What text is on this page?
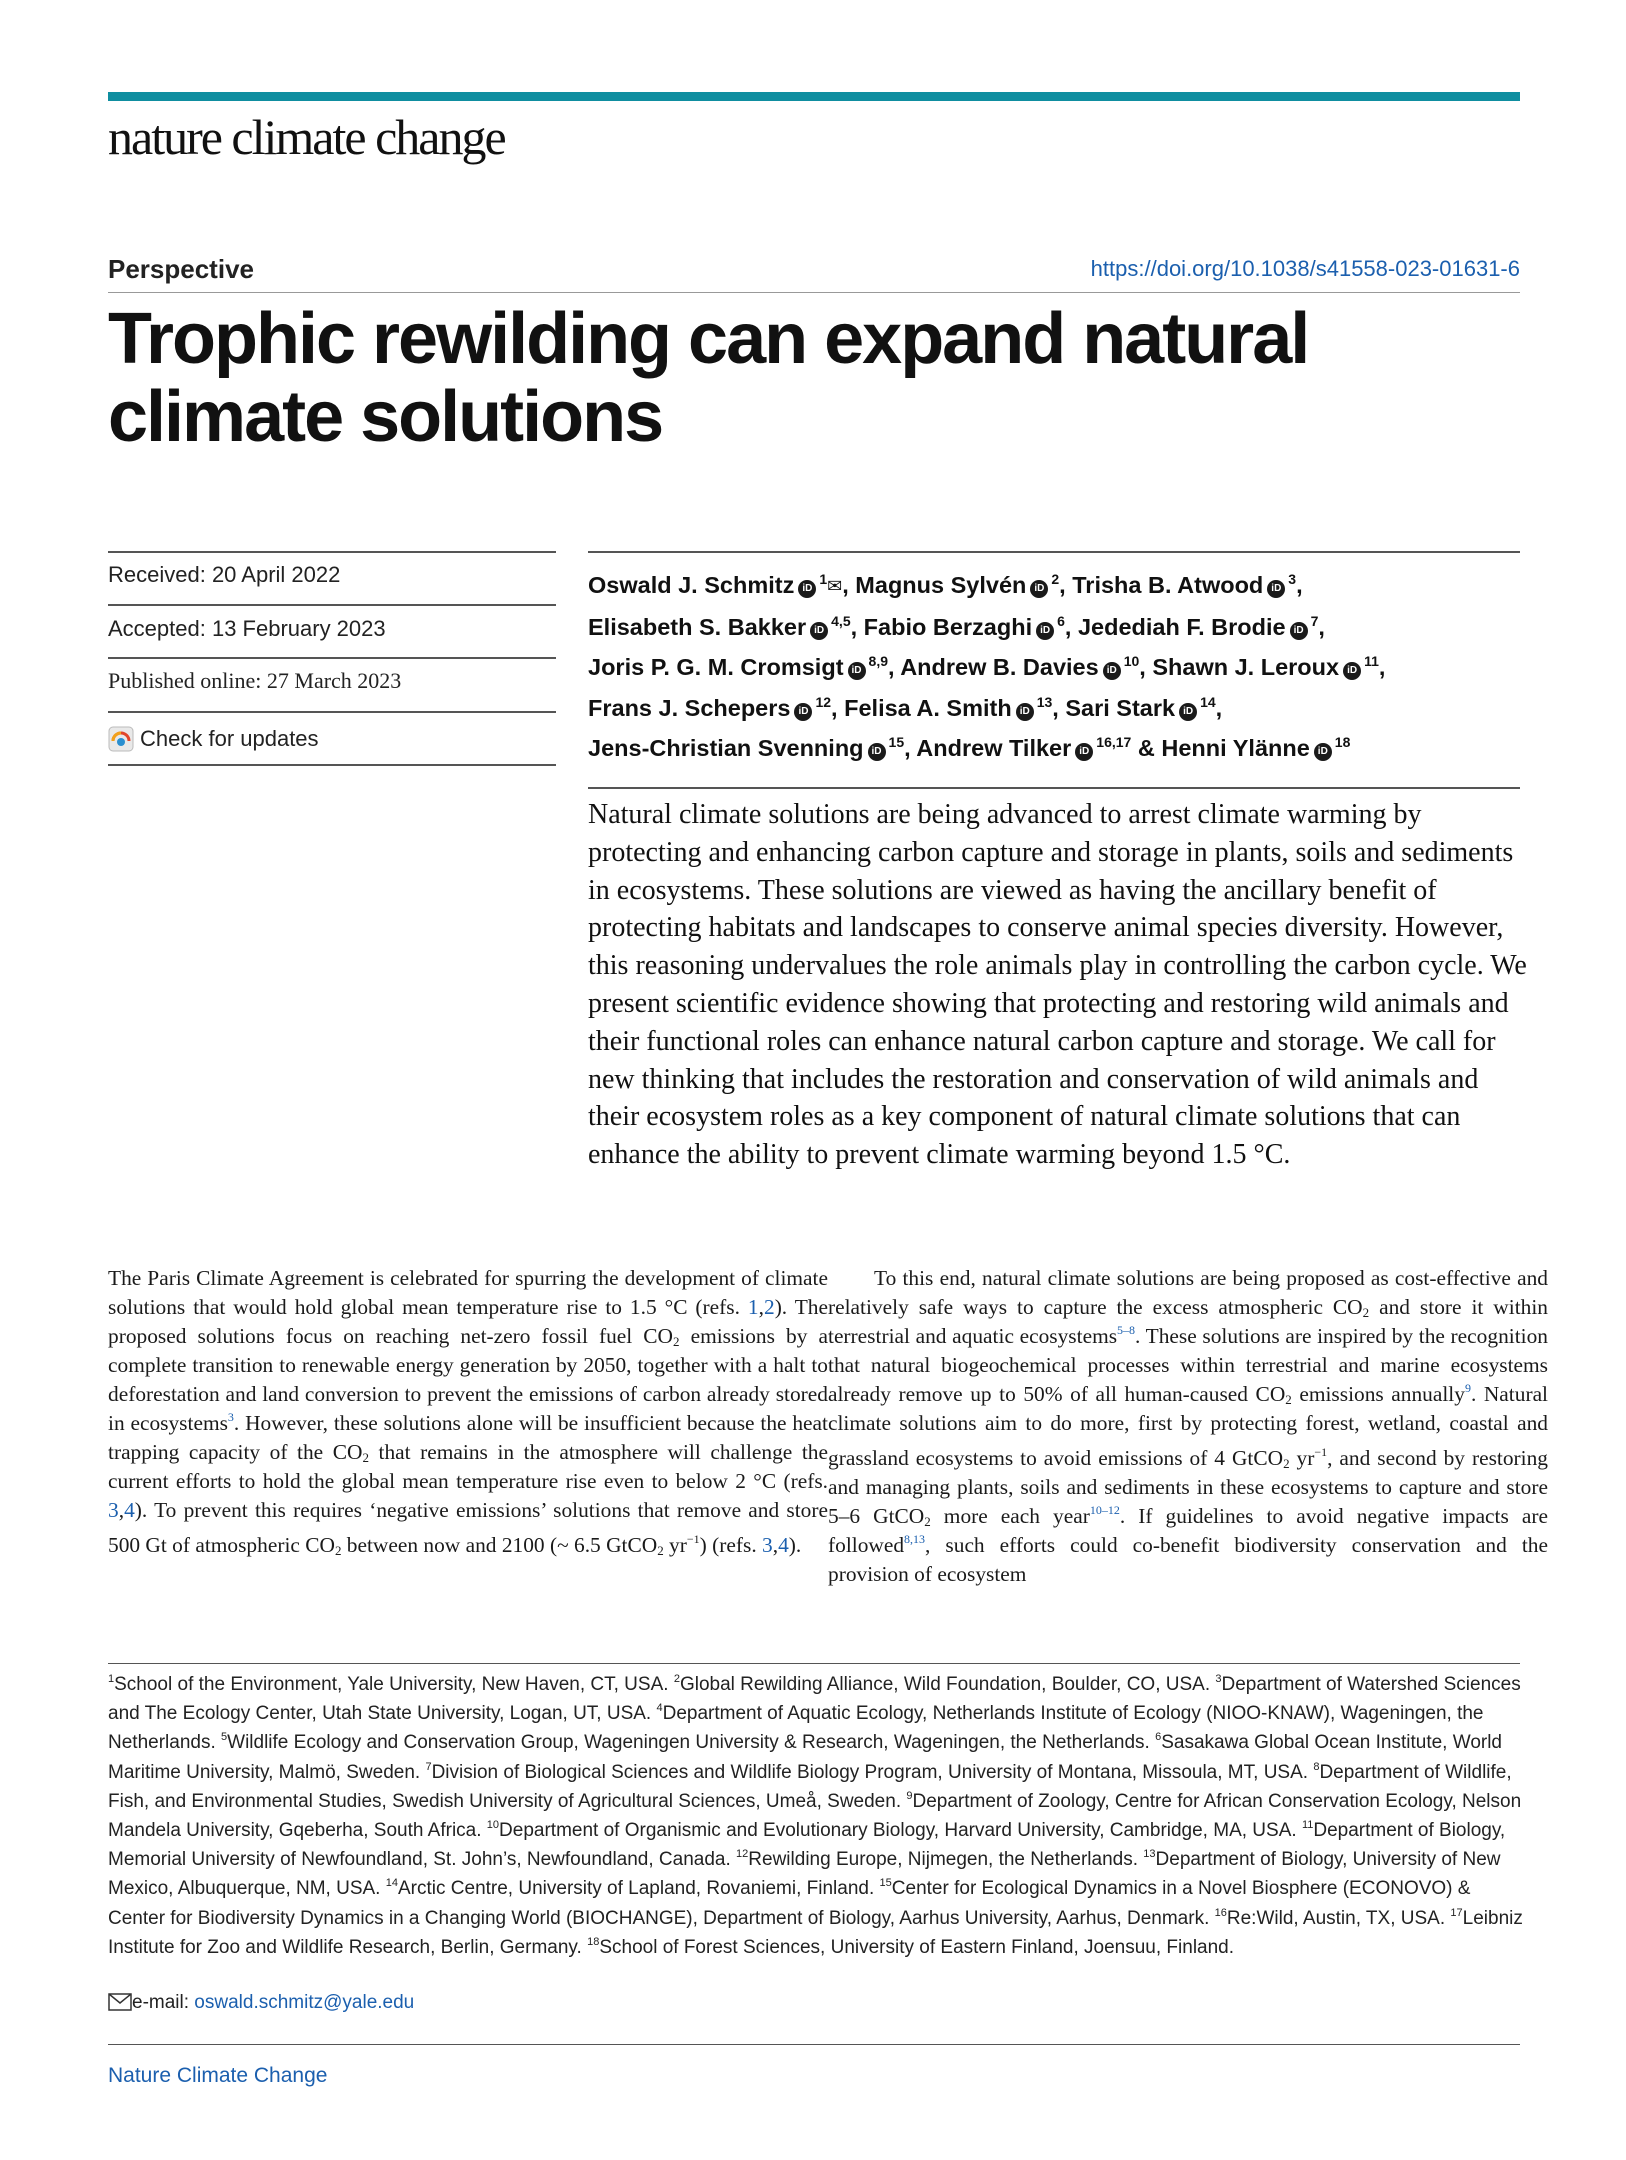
nature climate change
Perspective	https://doi.org/10.1038/s41558-023-01631-6
Trophic rewilding can expand natural climate solutions
Received: 20 April 2022
Accepted: 13 February 2023
Published online: 27 March 2023
Check for updates
Oswald J. Schmitz iD$^1$✉, Magnus Sylvén iD$^2$, Trisha B. Atwood iD$^3$, Elisabeth S. Bakker iD$^{4,5}$, Fabio Berzaghi iD$^6$, Jedediah F. Brodie iD$^7$, Joris P. G. M. Cromsigt iD$^{8,9}$, Andrew B. Davies iD$^{10}$, Shawn J. Leroux iD$^{11}$, Frans J. Schepers iD$^{12}$, Felisa A. Smith iD$^{13}$, Sari Stark iD$^{14}$, Jens-Christian Svenning iD$^{15}$, Andrew Tilker iD$^{16,17}$ & Henni Ylänne iD$^{18}$

Natural climate solutions are being advanced to arrest climate warming by protecting and enhancing carbon capture and storage in plants, soils and sediments in ecosystems. These solutions are viewed as having the ancillary benefit of protecting habitats and landscapes to conserve animal species diversity. However, this reasoning undervalues the role animals play in controlling the carbon cycle. We present scientific evidence showing that protecting and restoring wild animals and their functional roles can enhance natural carbon capture and storage. We call for new thinking that includes the restoration and conservation of wild animals and their ecosystem roles as a key component of natural climate solutions that can enhance the ability to prevent climate warming beyond 1.5 °C.

The Paris Climate Agreement is celebrated for spurring the development of climate solutions that would hold global mean temperature rise to 1.5 °C (refs. 1,2). The proposed solutions focus on reaching net-zero fossil fuel $CO_2$ emissions by a complete transition to renewable energy generation by 2050, together with a halt to deforestation and land conversion to prevent the emissions of carbon already stored in ecosystems$^3$. However, these solutions alone will be insufficient because the heat trapping capacity of the $CO_2$ that remains in the atmosphere will challenge the current efforts to hold the global mean temperature rise even to below 2 °C (refs. 3,4). To prevent this requires ‘negative emissions’ solutions that remove and store 500 Gt of atmospheric $CO_2$ between now and 2100 (~ 6.5 GtCO$_2$ $yr^{-1}$) (refs. 3,4).

To this end, natural climate solutions are being proposed as cost-effective and relatively safe ways to capture the excess atmospheric $CO_2$ and store it within terrestrial and aquatic ecosystems$^{5-8}$. These solutions are inspired by the recognition that natural biogeochemical processes within terrestrial and marine ecosystems already remove up to 50% of all human-caused $CO_2$ emissions annually$^9$. Natural climate solutions aim to do more, first by protecting forest, wetland, coastal and grassland ecosystems to avoid emissions of 4 GtCO$_2$ $yr^{-1}$, and second by restoring and managing plants, soils and sediments in these ecosystems to capture and store 5–6 GtCO$_2$ more each year$^{10-12}$. If guidelines to avoid negative impacts are followed$^{8,13}$, such efforts could co-benefit biodiversity conservation and the provision of ecosystem

$^1$School of the Environment, Yale University, New Haven, CT, USA. $^2$Global Rewilding Alliance, Wild Foundation, Boulder, CO, USA. $^3$Department of Watershed Sciences and The Ecology Center, Utah State University, Logan, UT, USA. $^4$Department of Aquatic Ecology, Netherlands Institute of Ecology (NIOO-KNAW), Wageningen, the Netherlands. $^5$Wildlife Ecology and Conservation Group, Wageningen University & Research, Wageningen, the Netherlands. $^6$Sasakawa Global Ocean Institute, World Maritime University, Malmö, Sweden. $^7$Division of Biological Sciences and Wildlife Biology Program, University of Montana, Missoula, MT, USA. $^8$Department of Wildlife, Fish, and Environmental Studies, Swedish University of Agricultural Sciences, Umeå, Sweden. $^9$Department of Zoology, Centre for African Conservation Ecology, Nelson Mandela University, Gqeberha, South Africa. $^{10}$Department of Organismic and Evolutionary Biology, Harvard University, Cambridge, MA, USA. $^{11}$Department of Biology, Memorial University of Newfoundland, St. John’s, Newfoundland, Canada. $^{12}$Rewilding Europe, Nijmegen, the Netherlands. $^{13}$Department of Biology, University of New Mexico, Albuquerque, NM, USA. $^{14}$Arctic Centre, University of Lapland, Rovaniemi, Finland. $^{15}$Center for Ecological Dynamics in a Novel Biosphere (ECONOVO) & Center for Biodiversity Dynamics in a Changing World (BIOCHANGE), Department of Biology, Aarhus University, Aarhus, Denmark. $^{16}$Re:Wild, Austin, TX, USA. $^{17}$Leibniz Institute for Zoo and Wildlife Research, Berlin, Germany. $^{18}$School of Forest Sciences, University of Eastern Finland, Joensuu, Finland.

e-mail: oswald.schmitz@yale.edu
Nature Climate Change
